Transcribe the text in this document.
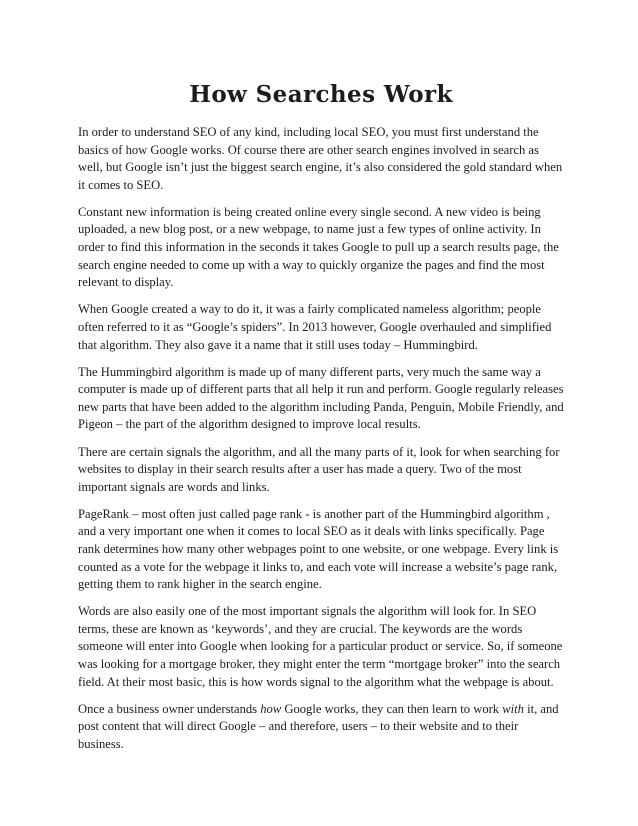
How Searches Work

In order to understand SEO of any kind, including local SEO, you must first understand the basics of how Google works. Of course there are other search engines involved in search as well, but Google isn’t just the biggest search engine, it’s also considered the gold standard when it comes to SEO.

Constant new information is being created online every single second. A new video is being uploaded, a new blog post, or a new webpage, to name just a few types of online activity. In order to find this information in the seconds it takes Google to pull up a search results page, the search engine needed to come up with a way to quickly organize the pages and find the most relevant to display.

When Google created a way to do it, it was a fairly complicated nameless algorithm; people often referred to it as “Google’s spiders”. In 2013 however, Google overhauled and simplified that algorithm. They also gave it a name that it still uses today – Hummingbird.

The Hummingbird algorithm is made up of many different parts, very much the same way a computer is made up of different parts that all help it run and perform. Google regularly releases new parts that have been added to the algorithm including Panda, Penguin, Mobile Friendly, and Pigeon – the part of the algorithm designed to improve local results.

There are certain signals the algorithm, and all the many parts of it, look for when searching for websites to display in their search results after a user has made a query. Two of the most important signals are words and links.

PageRank – most often just called page rank - is another part of the Hummingbird algorithm , and a very important one when it comes to local SEO as it deals with links specifically. Page rank determines how many other webpages point to one website, or one webpage. Every link is counted as a vote for the webpage it links to, and each vote will increase a website’s page rank, getting them to rank higher in the search engine.

Words are also easily one of the most important signals the algorithm will look for. In SEO terms, these are known as ‘keywords’, and they are crucial. The keywords are the words someone will enter into Google when looking for a particular product or service. So, if someone was looking for a mortgage broker, they might enter the term “mortgage broker” into the search field. At their most basic, this is how words signal to the algorithm what the webpage is about.

Once a business owner understands how Google works, they can then learn to work with it, and post content that will direct Google – and therefore, users – to their website and to their business.
